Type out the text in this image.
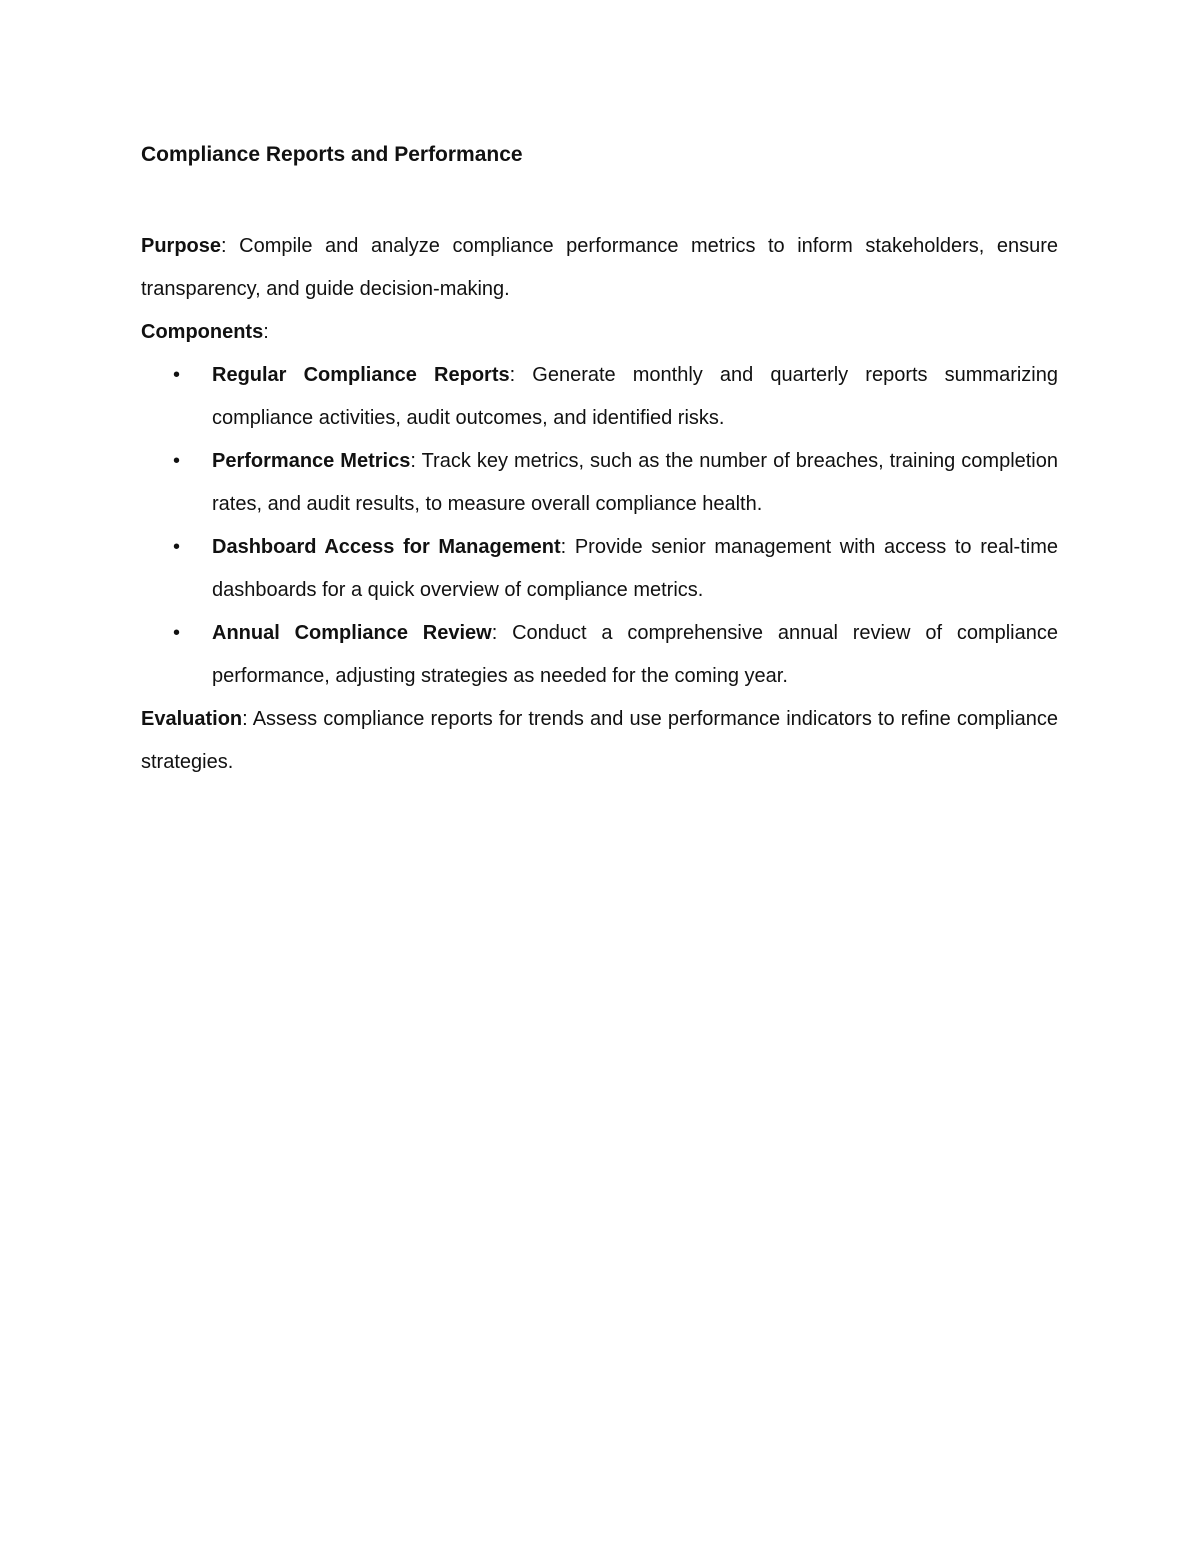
Compliance Reports and Performance

Purpose: Compile and analyze compliance performance metrics to inform stakeholders, ensure transparency, and guide decision-making.

Components:

• Regular Compliance Reports: Generate monthly and quarterly reports summarizing compliance activities, audit outcomes, and identified risks.
• Performance Metrics: Track key metrics, such as the number of breaches, training completion rates, and audit results, to measure overall compliance health.
• Dashboard Access for Management: Provide senior management with access to real-time dashboards for a quick overview of compliance metrics.
• Annual Compliance Review: Conduct a comprehensive annual review of compliance performance, adjusting strategies as needed for the coming year.

Evaluation: Assess compliance reports for trends and use performance indicators to refine compliance strategies.
